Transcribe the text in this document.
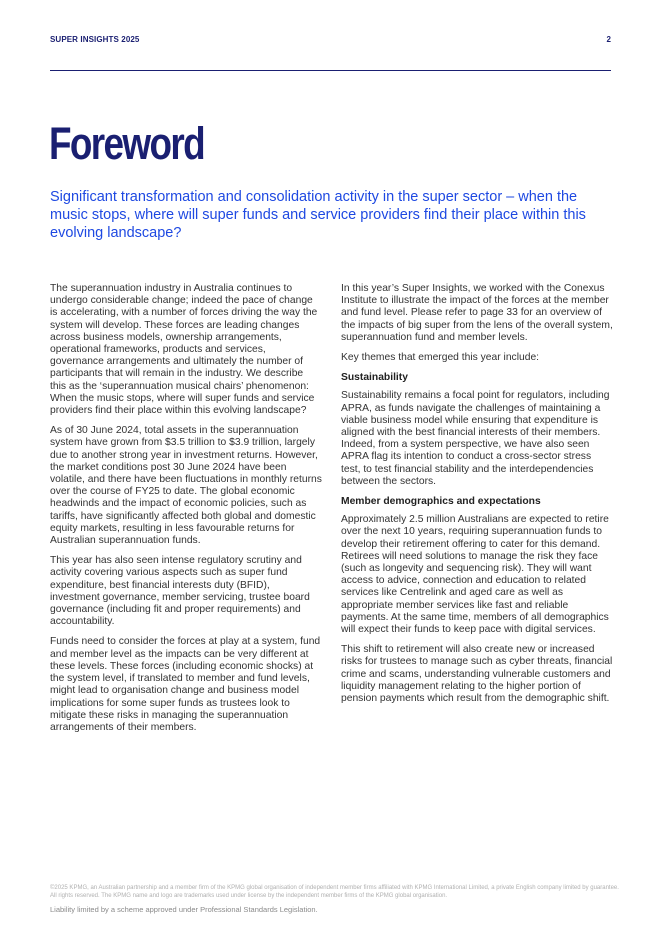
SUPER INSIGHTS 2025	2
Foreword

Significant transformation and consolidation activity in the super sector – when the music stops, where will super funds and service providers find their place within this evolving landscape?

The superannuation industry in Australia continues to undergo considerable change; indeed the pace of change is accelerating, with a number of forces driving the way the system will develop. These forces are leading changes across business models, ownership arrangements, operational frameworks, products and services, governance arrangements and ultimately the number of participants that will remain in the industry. We describe this as the ‘superannuation musical chairs’ phenomenon: When the music stops, where will super funds and service providers find their place within this evolving landscape?

As of 30 June 2024, total assets in the superannuation system have grown from $3.5 trillion to $3.9 trillion, largely due to another strong year in investment returns. However, the market conditions post 30 June 2024 have been volatile, and there have been fluctuations in monthly returns over the course of FY25 to date. The global economic headwinds and the impact of economic policies, such as tariffs, have significantly affected both global and domestic equity markets, resulting in less favourable returns for Australian superannuation funds.

This year has also seen intense regulatory scrutiny and activity covering various aspects such as super fund expenditure, best financial interests duty (BFID), investment governance, member servicing, trustee board governance (including fit and proper requirements) and accountability.

Funds need to consider the forces at play at a system, fund and member level as the impacts can be very different at these levels. These forces (including economic shocks) at the system level, if translated to member and fund levels, might lead to organisation change and business model implications for some super funds as trustees look to mitigate these risks in managing the superannuation arrangements of their members.

In this year’s Super Insights, we worked with the Conexus Institute to illustrate the impact of the forces at the member and fund level. Please refer to page 33 for an overview of the impacts of big super from the lens of the overall system, superannuation fund and member levels.

Key themes that emerged this year include:

Sustainability

Sustainability remains a focal point for regulators, including APRA, as funds navigate the challenges of maintaining a viable business model while ensuring that expenditure is aligned with the best financial interests of their members. Indeed, from a system perspective, we have also seen APRA flag its intention to conduct a cross-sector stress test, to test financial stability and the interdependencies between the sectors.

Member demographics and expectations

Approximately 2.5 million Australians are expected to retire over the next 10 years, requiring superannuation funds to develop their retirement offering to cater for this demand. Retirees will need solutions to manage the risk they face (such as longevity and sequencing risk). They will want access to advice, connection and education to related services like Centrelink and aged care as well as appropriate member services like fast and reliable payments. At the same time, members of all demographics will expect their funds to keep pace with digital services.

This shift to retirement will also create new or increased risks for trustees to manage such as cyber threats, financial crime and scams, understanding vulnerable customers and liquidity management relating to the higher portion of pension payments which result from the demographic shift.

©2025 KPMG, an Australian partnership and a member firm of the KPMG global organisation of independent member firms affiliated with KPMG International Limited, a private English company limited by guarantee. All rights reserved. The KPMG name and logo are trademarks used under license by the independent member firms of the KPMG global organisation.

Liability limited by a scheme approved under Professional Standards Legislation.
